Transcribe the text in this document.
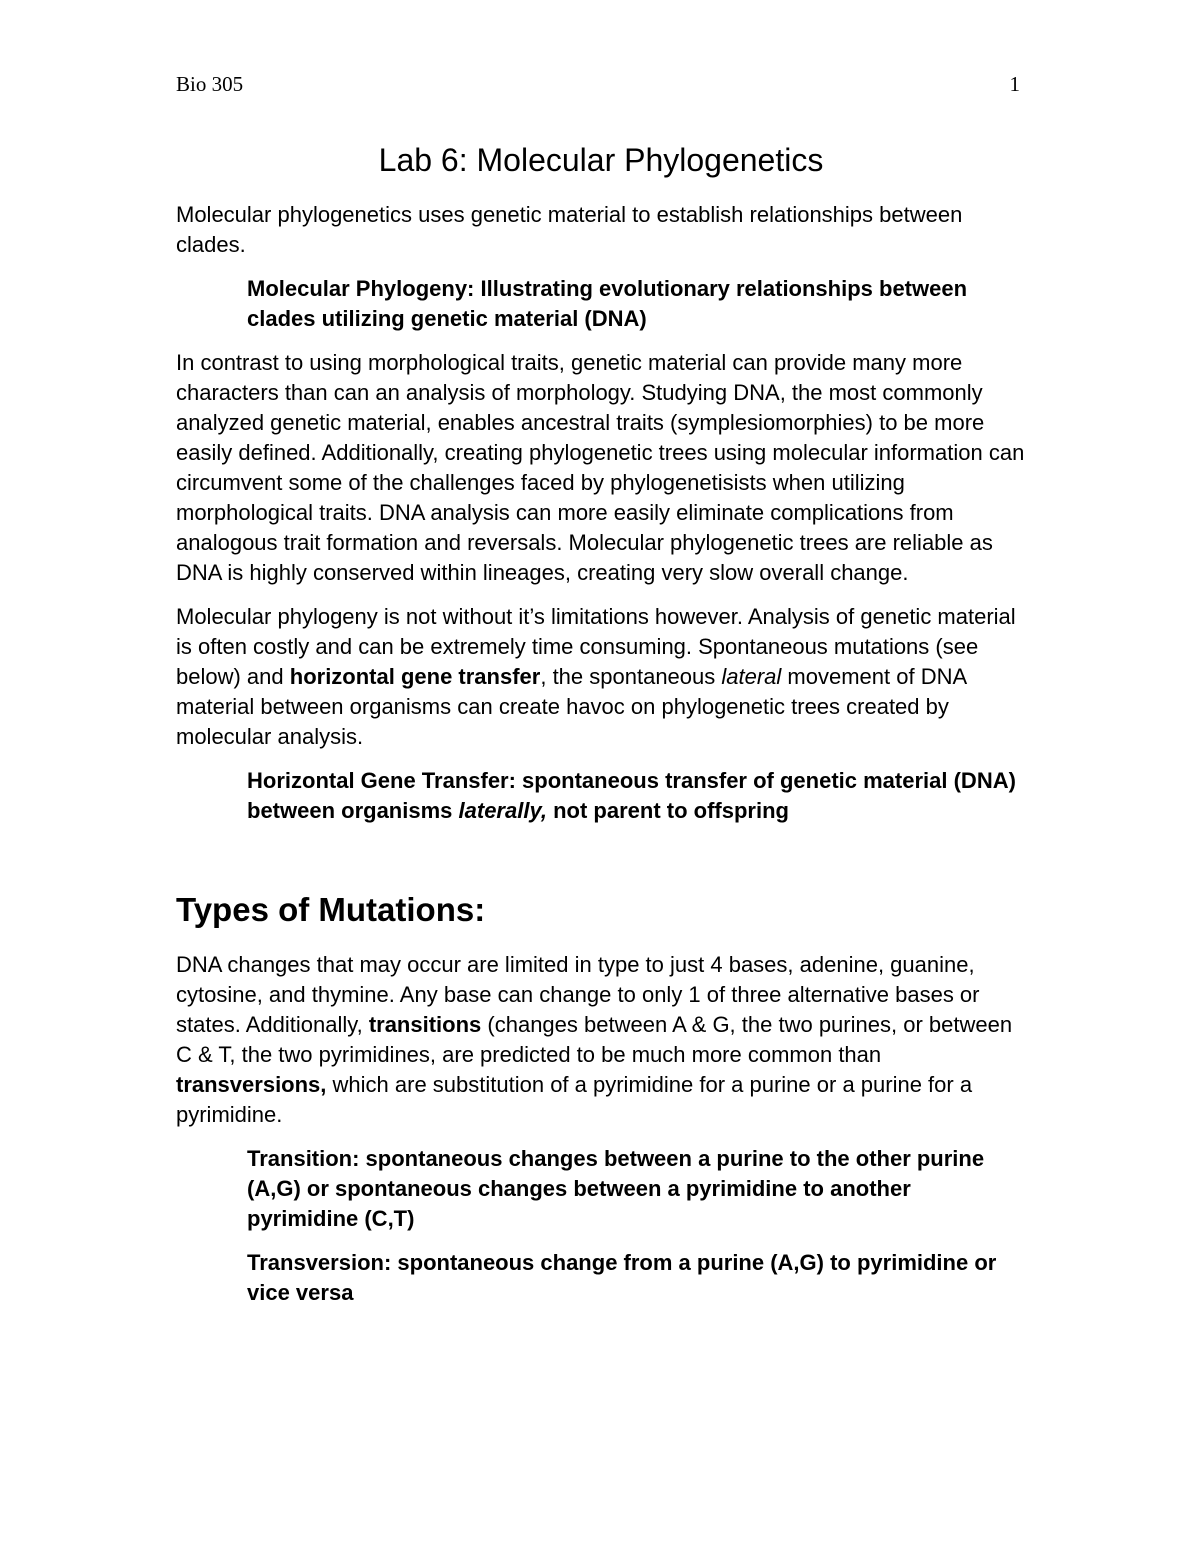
Bio 305	1
Lab 6: Molecular Phylogenetics

Molecular phylogenetics uses genetic material to establish relationships between clades.

Molecular Phylogeny: Illustrating evolutionary relationships between clades utilizing genetic material (DNA)

In contrast to using morphological traits, genetic material can provide many more characters than can an analysis of morphology. Studying DNA, the most commonly analyzed genetic material, enables ancestral traits (symplesiomorphies) to be more easily defined. Additionally, creating phylogenetic trees using molecular information can circumvent some of the challenges faced by phylogenetisists when utilizing morphological traits. DNA analysis can more easily eliminate complications from analogous trait formation and reversals. Molecular phylogenetic trees are reliable as DNA is highly conserved within lineages, creating very slow overall change.

Molecular phylogeny is not without it’s limitations however. Analysis of genetic material is often costly and can be extremely time consuming. Spontaneous mutations (see below) and horizontal gene transfer, the spontaneous lateral movement of DNA material between organisms can create havoc on phylogenetic trees created by molecular analysis.

Horizontal Gene Transfer: spontaneous transfer of genetic material (DNA) between organisms laterally, not parent to offspring

Types of Mutations:

DNA changes that may occur are limited in type to just 4 bases, adenine, guanine, cytosine, and thymine. Any base can change to only 1 of three alternative bases or states. Additionally, transitions (changes between A & G, the two purines, or between C & T, the two pyrimidines, are predicted to be much more common than transversions, which are substitution of a pyrimidine for a purine or a purine for a pyrimidine.

Transition: spontaneous changes between a purine to the other purine (A,G) or spontaneous changes between a pyrimidine to another pyrimidine (C,T)

Transversion: spontaneous change from a purine (A,G) to pyrimidine or vice versa
